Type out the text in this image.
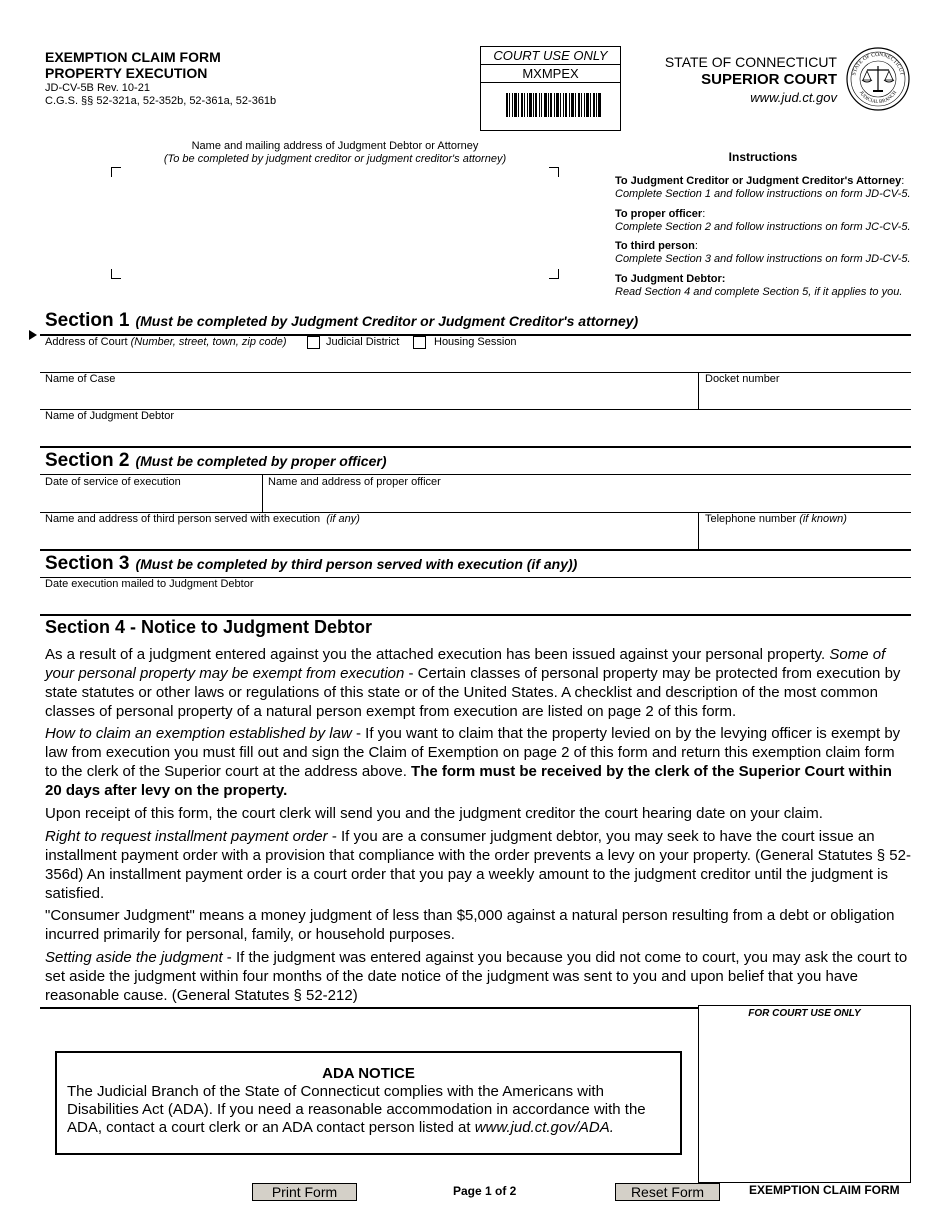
EXEMPTION CLAIM FORM
PROPERTY EXECUTION
JD-CV-5B Rev. 10-21
C.G.S. §§ 52-321a, 52-352b, 52-361a, 52-361b
COURT USE ONLY
MXMPEX
STATE OF CONNECTICUT
SUPERIOR COURT
www.jud.ct.gov
STATE OF CONNECTICUT
JUDICIAL BRANCH
Name and mailing address of Judgment Debtor or Attorney
(To be completed by judgment creditor or judgment creditor's attorney)	Instructions
To Judgment Creditor or Judgment Creditor's Attorney:
Complete Section 1 and follow instructions on form JD-CV-5.
To proper officer:
Complete Section 2 and follow instructions on form JC-CV-5.
To third person:
Complete Section 3 and follow instructions on form JD-CV-5.
To Judgment Debtor:
Read Section 4 and complete Section 5, if it applies to you.
Section 1 (Must be completed by Judgment Creditor or Judgment Creditor's attorney)
Address of Court (Number, street, town, zip code)	Judicial District	Housing Session
Name of Case	Docket number
Name of Judgment Debtor
Section 2 (Must be completed by proper officer)
Date of service of execution	Name and address of proper officer
Name and address of third person served with execution (if any)	Telephone number (if known)
Section 3 (Must be completed by third person served with execution (if any))
Date execution mailed to Judgment Debtor
Section 4 - Notice to Judgment Debtor
As a result of a judgment entered against you the attached execution has been issued against your personal property. Some of your personal property may be exempt from execution - Certain classes of personal property may be protected from execution by state statutes or other laws or regulations of this state or of the United States. A checklist and description of the most common classes of personal property of a natural person exempt from execution are listed on page 2 of this form.
How to claim an exemption established by law - If you want to claim that the property levied on by the levying officer is exempt by law from execution you must fill out and sign the Claim of Exemption on page 2 of this form and return this exemption claim form to the clerk of the Superior court at the address above. The form must be received by the clerk of the Superior Court within 20 days after levy on the property.
Upon receipt of this form, the court clerk will send you and the judgment creditor the court hearing date on your claim.
Right to request installment payment order - If you are a consumer judgment debtor, you may seek to have the court issue an installment payment order with a provision that compliance with the order prevents a levy on your property. (General Statutes § 52-356d) An installment payment order is a court order that you pay a weekly amount to the judgment creditor until the judgment is satisfied.
"Consumer Judgment" means a money judgment of less than $5,000 against a natural person resulting from a debt or obligation incurred primarily for personal, family, or household purposes.
Setting aside the judgment - If the judgment was entered against you because you did not come to court, you may ask the court to set aside the judgment within four months of the date notice of the judgment was sent to you and upon belief that you have reasonable cause. (General Statutes § 52-212)
FOR COURT USE ONLY
ADA NOTICE
The Judicial Branch of the State of Connecticut complies with the Americans with Disabilities Act (ADA). If you need a reasonable accommodation in accordance with the ADA, contact a court clerk or an ADA contact person listed at www.jud.ct.gov/ADA.
Print Form	Page 1 of 2	Reset Form	EXEMPTION CLAIM FORM
